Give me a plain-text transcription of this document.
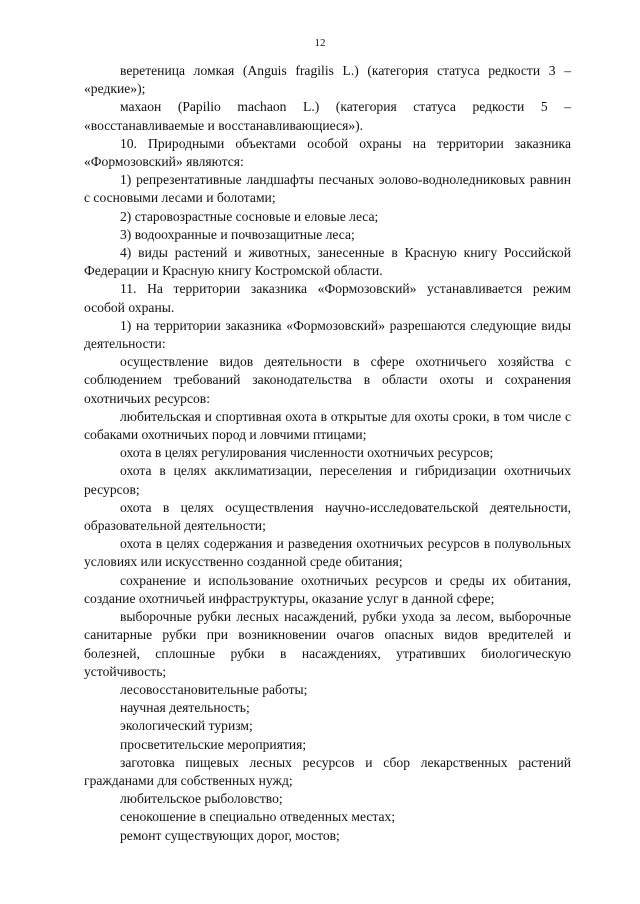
12

веретеница ломкая (Anguis fragilis L.) (категория статуса редкости 3 – «редкие»);

махаон (Papilio machaon L.) (категория статуса редкости 5 – «восстанавливаемые и восстанавливающиеся»).

10. Природными объектами особой охраны на территории заказника «Формозовский» являются:

1) репрезентативные ландшафты песчаных эолово-водноледниковых равнин с сосновыми лесами и болотами;

2) старовозрастные сосновые и еловые леса;

3) водоохранные и почвозащитные леса;

4) виды растений и животных, занесенные в Красную книгу Российской Федерации и Красную книгу Костромской области.

11. На территории заказника «Формозовский» устанавливается режим особой охраны.

1) на территории заказника «Формозовский» разрешаются следующие виды деятельности:

осуществление видов деятельности в сфере охотничьего хозяйства с соблюдением требований законодательства в области охоты и сохранения охотничьих ресурсов:

любительская и спортивная охота в открытые для охоты сроки, в том числе с собаками охотничьих пород и ловчими птицами;

охота в целях регулирования численности охотничьих ресурсов;

охота в целях акклиматизации, переселения и гибридизации охотничьих ресурсов;

охота в целях осуществления научно-исследовательской деятельности, образовательной деятельности;

охота в целях содержания и разведения охотничьих ресурсов в полувольных условиях или искусственно созданной среде обитания;

сохранение и использование охотничьих ресурсов и среды их обитания, создание охотничьей инфраструктуры, оказание услуг в данной сфере;

выборочные рубки лесных насаждений, рубки ухода за лесом, выборочные санитарные рубки при возникновении очагов опасных видов вредителей и болезней, сплошные рубки в насаждениях, утративших биологическую устойчивость;

лесовосстановительные работы;

научная деятельность;

экологический туризм;

просветительские мероприятия;

заготовка пищевых лесных ресурсов и сбор лекарственных растений гражданами для собственных нужд;

любительское рыболовство;

сенокошение в специально отведенных местах;

ремонт существующих дорог, мостов;
